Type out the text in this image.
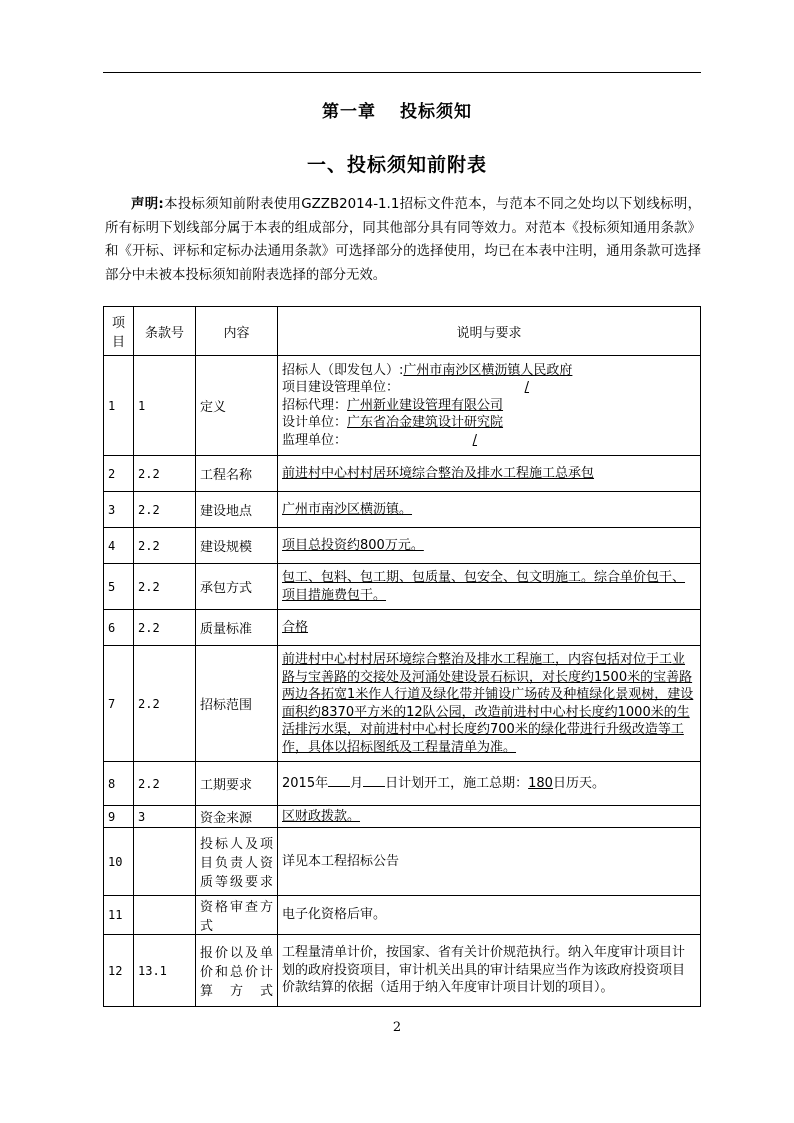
第一章 投标须知
一、投标须知前附表
声明:本投标须知前附表使用GZZB2014-1.1招标文件范本，与范本不同之处均以下划线标明，所有标明下划线部分属于本表的组成部分，同其他部分具有同等效力。对范本《投标须知通用条款》和《开标、评标和定标办法通用条款》可选择部分的选择使用，均已在本表中注明，通用条款可选择部分中未被本投标须知前附表选择的部分无效。
项目	条款号	内容	说明与要求
1	1	定义	招标人（即发包人）:广州市南沙区横沥镇人民政府
项目建设管理单位： /
招标代理：广州新业建设管理有限公司
设计单位：广东省冶金建筑设计研究院
监理单位： /

2	2.2	工程名称	前进村中心村村居环境综合整治及排水工程施工总承包
3	2.2	建设地点	广州市南沙区横沥镇。
4	2.2	建设规模	项目总投资约800万元。
5	2.2	承包方式	包工、包料、包工期、包质量、包安全、包文明施工。综合单价包干、项目措施费包干。
6	2.2	质量标准	合格
7	2.2	招标范围	前进村中心村村居环境综合整治及排水工程施工，内容包括对位于工业路与宝善路的交接处及河涌处建设景石标识，对长度约1500米的宝善路两边各拓宽1米作人行道及绿化带并铺设广场砖及种植绿化景观树，建设面积约8370平方米的12队公园，改造前进村中心村长度约1000米的生活排污水渠，对前进村中心村长度约700米的绿化带进行升级改造等工作，具体以招标图纸及工程量清单为准。
8	2.2	工期要求	2015年 月 日计划开工，施工总期：180日历天。
9	3	资金来源	区财政拨款。
10		投标人及项目负责人资质等级要求	详见本工程招标公告
11		资格审查方式	电子化资格后审。
12	13.1	报价以及单价和总价计算方式	工程量清单计价，按国家、省有关计价规范执行。纳入年度审计项目计划的政府投资项目，审计机关出具的审计结果应当作为该政府投资项目价款结算的依据（适用于纳入年度审计项目计划的项目）。
2
